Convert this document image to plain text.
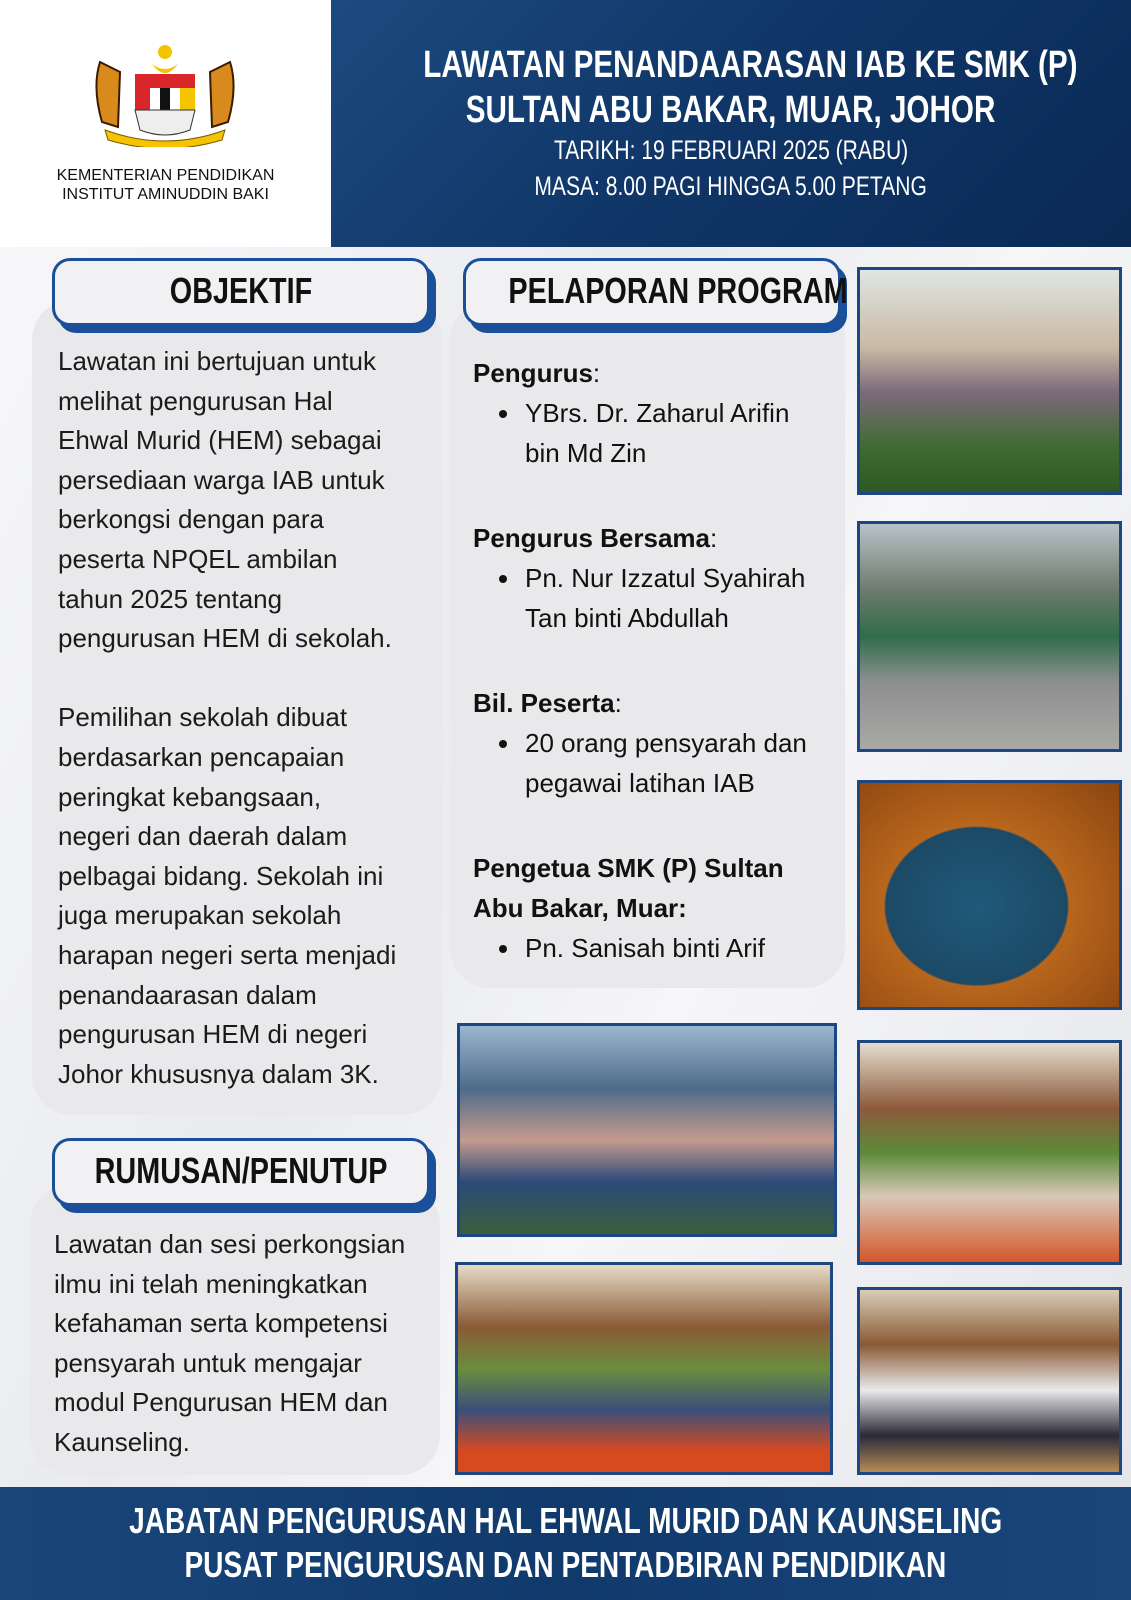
KEMENTERIAN PENDIDIKAN
INSTITUT AMINUDDIN BAKI
LAWATAN PENANDAARASAN IAB KE SMK (P)
SULTAN ABU BAKAR, MUAR, JOHOR
TARIKH: 19 FEBRUARI 2025 (RABU)
MASA: 8.00 PAGI HINGGA 5.00 PETANG
OBJEKTIF
Lawatan ini bertujuan untuk
melihat pengurusan Hal
Ehwal Murid (HEM) sebagai
persediaan warga IAB untuk
berkongsi dengan para
peserta NPQEL ambilan
tahun 2025 tentang
pengurusan HEM di sekolah.

Pemilihan sekolah dibuat
berdasarkan pencapaian
peringkat kebangsaan,
negeri dan daerah dalam
pelbagai bidang. Sekolah ini
juga merupakan sekolah
harapan negeri serta menjadi
penandaarasan dalam
pengurusan HEM di negeri
Johor khususnya dalam 3K.
RUMUSAN/PENUTUP
Lawatan dan sesi perkongsian
ilmu ini telah meningkatkan
kefahaman serta kompetensi
pensyarah untuk mengajar
modul Pengurusan HEM dan
Kaunseling.
PELAPORAN PROGRAM
Pengurus:
YBrs. Dr. Zaharul Arifin
bin Md Zin
Pengurus Bersama:
Pn. Nur Izzatul Syahirah
Tan binti Abdullah
Bil. Peserta:
20 orang pensyarah dan
pegawai latihan IAB
Pengetua SMK (P) Sultan
Abu Bakar, Muar:
Pn. Sanisah binti Arif
JABATAN PENGURUSAN HAL EHWAL MURID DAN KAUNSELING
PUSAT PENGURUSAN DAN PENTADBIRAN PENDIDIKAN
